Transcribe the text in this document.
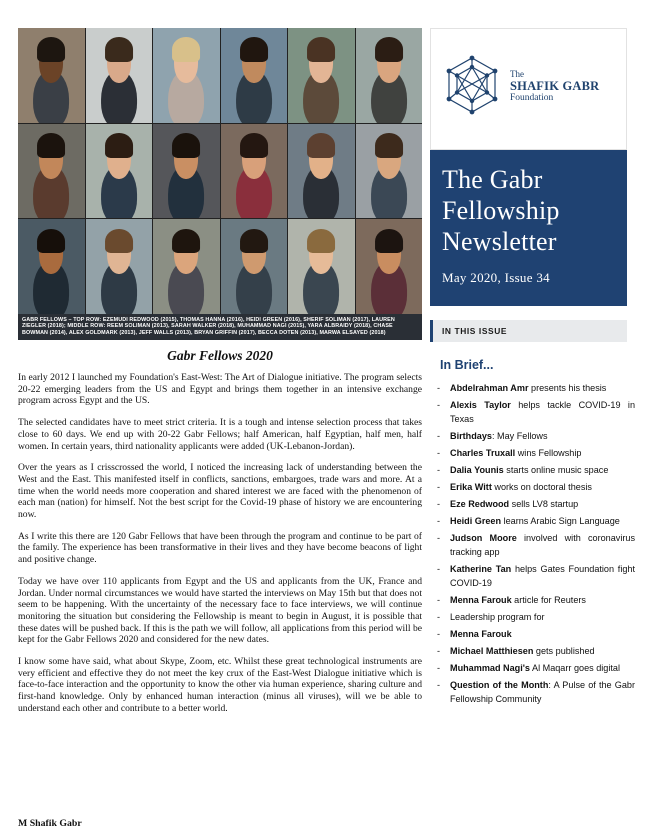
GABR FELLOWS – TOP ROW: EZEMUDI REDWOOD (2015), THOMAS HANNA (2016), HEIDI GREEN (2016), SHERIF SOLIMAN (2017), LAUREN ZIEGLER (2018); MIDDLE ROW: REEM SOLIMAN (2013), SARAH WALKER (2018), MUHAMMAD NAGI (2015), YARA ALBRAIDY (2018), CHASE BOWMAN (2014), ALEX GOLDMARK (2013), JEFF WALLS (2013), BRYAN GRIFFIN (2017), BECCA DOTEN (2013), MARWA ELSAYED (2018)
The
SHAFIK GABR
Foundation
The Gabr Fellowship Newsletter
May 2020, Issue 34
IN THIS ISSUE
In Brief...
- Abdelrahman Amr presents his thesis
- Alexis Taylor helps tackle COVID-19 in Texas
- Birthdays: May Fellows
- Charles Truxall wins Fellowship
- Dalia Younis starts online music space
- Erika Witt works on doctoral thesis
- Eze Redwood sells LV8 startup
- Heidi Green learns Arabic Sign Language
- Judson Moore involved with coronavirus tracking app
- Katherine Tan helps Gates Foundation fight COVID-19
- Menna Farouk article for Reuters
- Leadership program for
- Menna Farouk
- Michael Matthiesen gets published
- Muhammad Nagi's Al Maqarr goes digital
- Question of the Month: A Pulse of the Gabr Fellowship Community
Gabr Fellows 2020

In early 2012 I launched my Foundation's East-West: The Art of Dialogue initiative. The program selects 20-22 emerging leaders from the US and Egypt and brings them together in an intensive exchange program across Egypt and the US.

The selected candidates have to meet strict criteria. It is a tough and intense selection process that takes close to 60 days. We end up with 20-22 Gabr Fellows; half American, half Egyptian, half men, half women. In certain years, third nationality applicants were added (UK-Lebanon-Jordan).

Over the years as I crisscrossed the world, I noticed the increasing lack of understanding between the West and the East. This manifested itself in conflicts, sanctions, embargoes, trade wars and more. At a time when the world needs more cooperation and shared interest we are faced with the phenomenon of each man (nation) for himself. Not the best script for the Covid-19 phase of history we are encountering now.

As I write this there are 120 Gabr Fellows that have been through the program and continue to be part of the family. The experience has been transformative in their lives and they have become beacons of light and positive change.

Today we have over 110 applicants from Egypt and the US and applicants from the UK, France and Jordan. Under normal circumstances we would have started the interviews on May 15th but that does not seem to be happening. With the uncertainty of the necessary face to face interviews, we will continue monitoring the situation but considering the Fellowship is meant to begin in August, it is possible that these dates will be pushed back. If this is the path we will follow, all applications from this period will be kept for the Gabr Fellows 2020 and considered for the new dates.

I know some have said, what about Skype, Zoom, etc. Whilst these great technological instruments are very efficient and effective they do not meet the key crux of the East-West Dialogue initiative which is face-to-face interaction and the opportunity to know the other via human experience, sharing culture and first-hand knowledge. Only by enhanced human interaction (minus all viruses), will we be able to understand each other and contribute to a better world.

M Shafik Gabr
